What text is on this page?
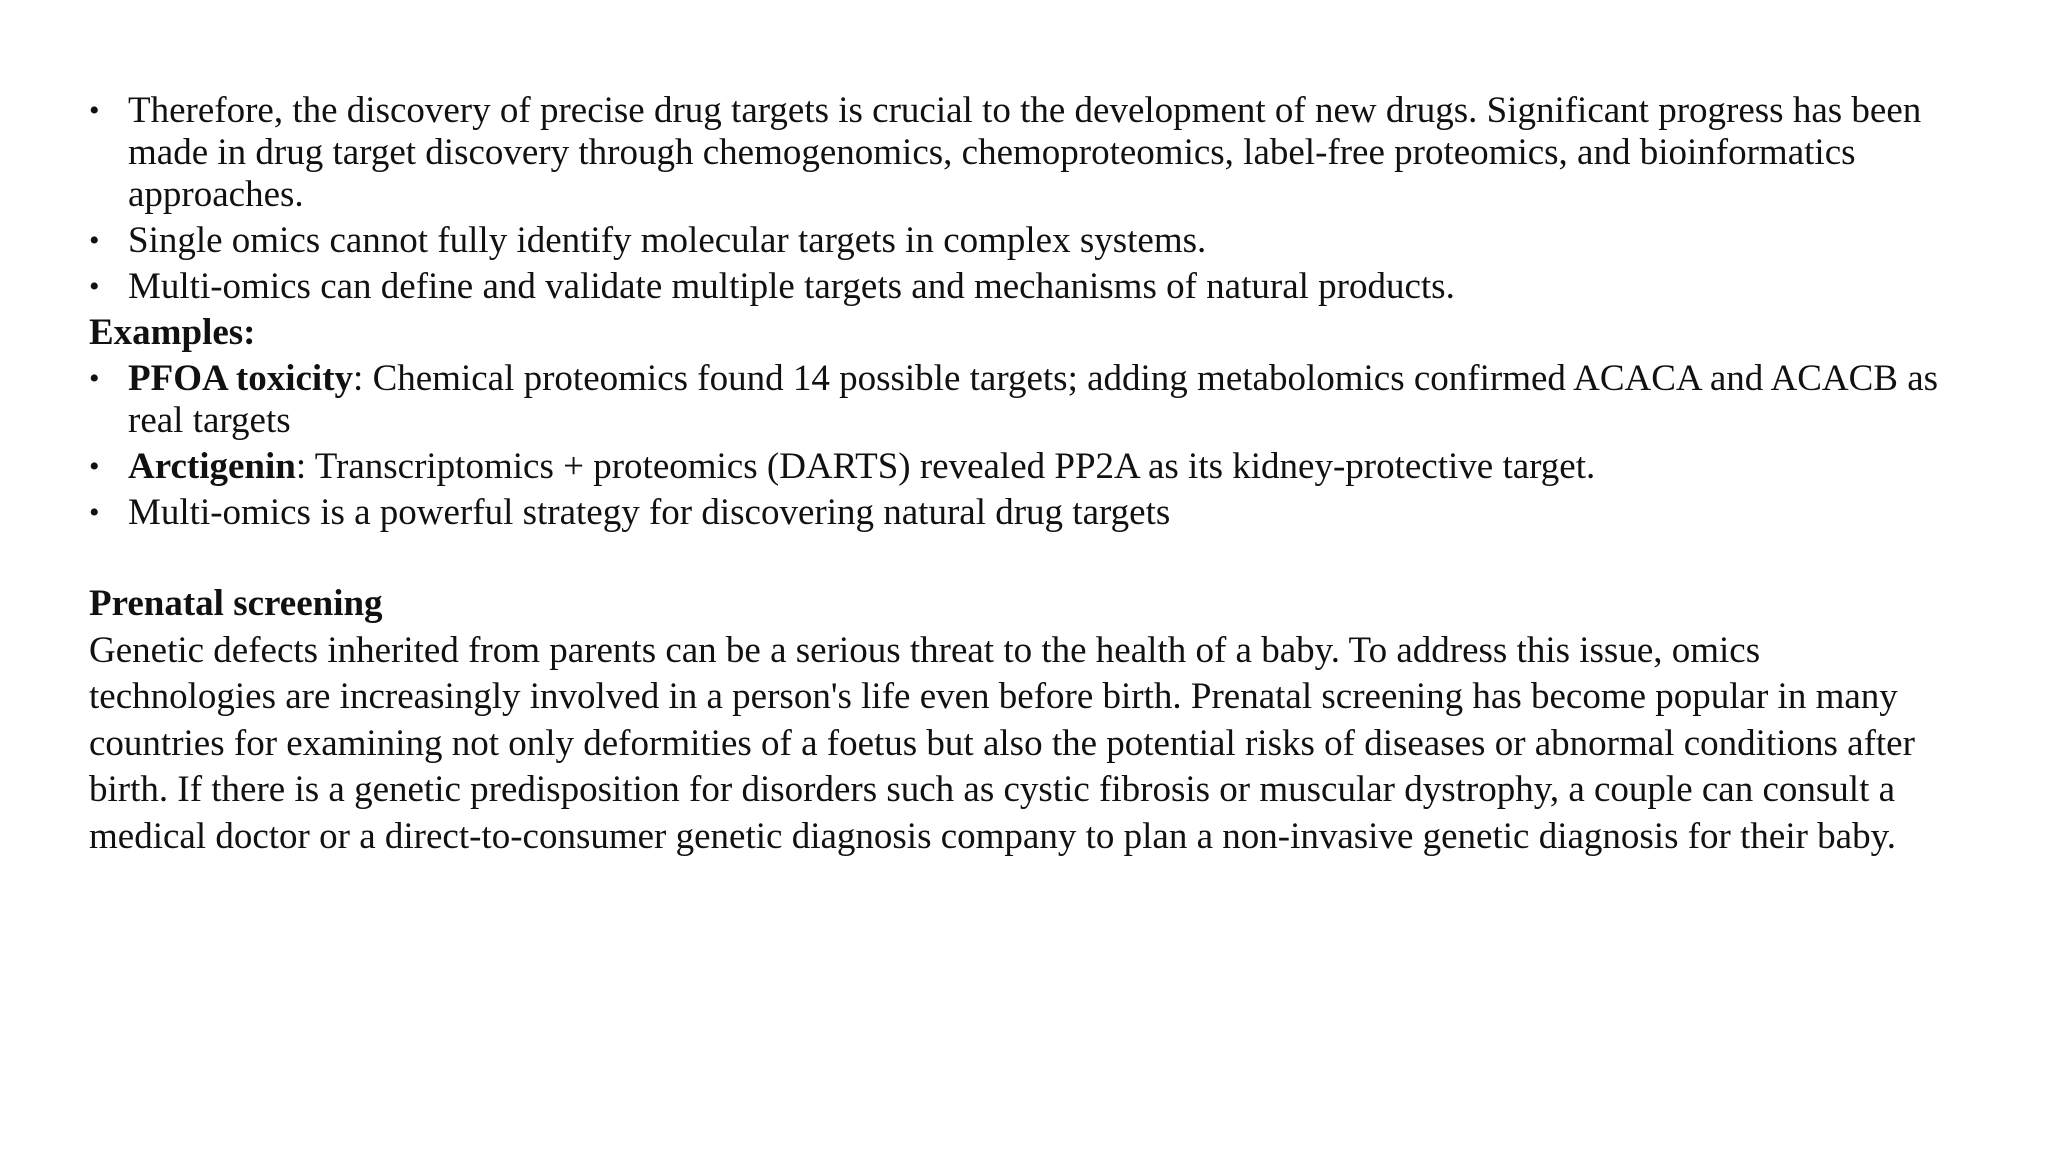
• Therefore, the discovery of precise drug targets is crucial to the development of new drugs. Significant progress has been made in drug target discovery through chemogenomics, chemoproteomics, label-free proteomics, and bioinformatics approaches.
• Single omics cannot fully identify molecular targets in complex systems.
• Multi-omics can define and validate multiple targets and mechanisms of natural products.
Examples:
• PFOA toxicity: Chemical proteomics found 14 possible targets; adding metabolomics confirmed ACACA and ACACB as real targets
• Arctigenin: Transcriptomics + proteomics (DARTS) revealed PP2A as its kidney-protective target.
• Multi-omics is a powerful strategy for discovering natural drug targets
Prenatal screening

Genetic defects inherited from parents can be a serious threat to the health of a baby. To address this issue, omics technologies are increasingly involved in a person's life even before birth. Prenatal screening has become popular in many countries for examining not only deformities of a foetus but also the potential risks of diseases or abnormal conditions after birth. If there is a genetic predisposition for disorders such as cystic fibrosis or muscular dystrophy, a couple can consult a medical doctor or a direct-to-consumer genetic diagnosis company to plan a non-invasive genetic diagnosis for their baby.
